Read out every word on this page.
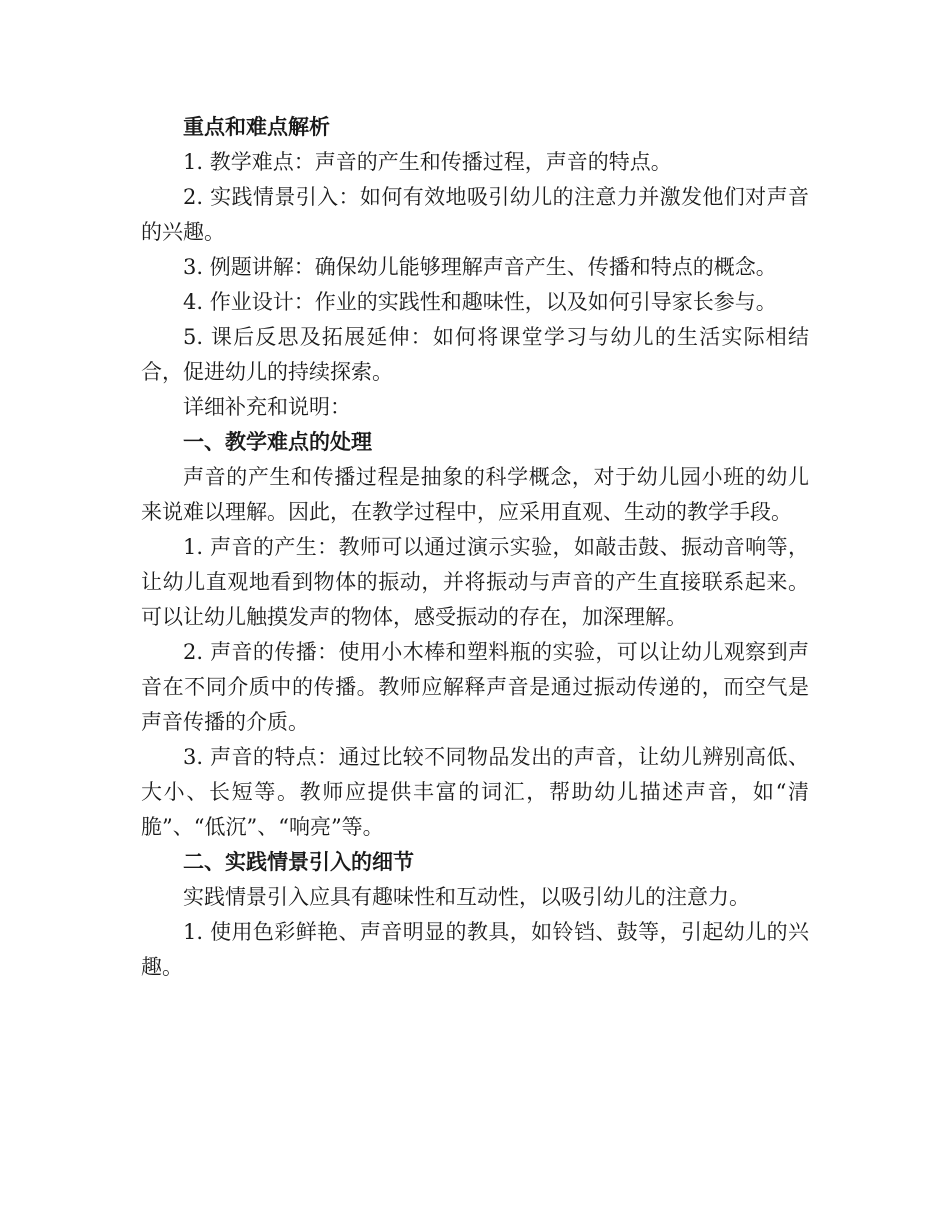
重点和难点解析

1. 教学难点：声音的产生和传播过程，声音的特点。

2. 实践情景引入：如何有效地吸引幼儿的注意力并激发他们对声音的兴趣。

3. 例题讲解：确保幼儿能够理解声音产生、传播和特点的概念。

4. 作业设计：作业的实践性和趣味性，以及如何引导家长参与。

5. 课后反思及拓展延伸：如何将课堂学习与幼儿的生活实际相结合，促进幼儿的持续探索。

详细补充和说明：

一、教学难点的处理

声音的产生和传播过程是抽象的科学概念，对于幼儿园小班的幼儿来说难以理解。因此，在教学过程中，应采用直观、生动的教学手段。

1. 声音的产生：教师可以通过演示实验，如敲击鼓、振动音响等，让幼儿直观地看到物体的振动，并将振动与声音的产生直接联系起来。可以让幼儿触摸发声的物体，感受振动的存在，加深理解。

2. 声音的传播：使用小木棒和塑料瓶的实验，可以让幼儿观察到声音在不同介质中的传播。教师应解释声音是通过振动传递的，而空气是声音传播的介质。

3. 声音的特点：通过比较不同物品发出的声音，让幼儿辨别高低、大小、长短等。教师应提供丰富的词汇，帮助幼儿描述声音，如“清脆”、“低沉”、“响亮”等。

二、实践情景引入的细节

实践情景引入应具有趣味性和互动性，以吸引幼儿的注意力。

1. 使用色彩鲜艳、声音明显的教具，如铃铛、鼓等，引起幼儿的兴趣。
